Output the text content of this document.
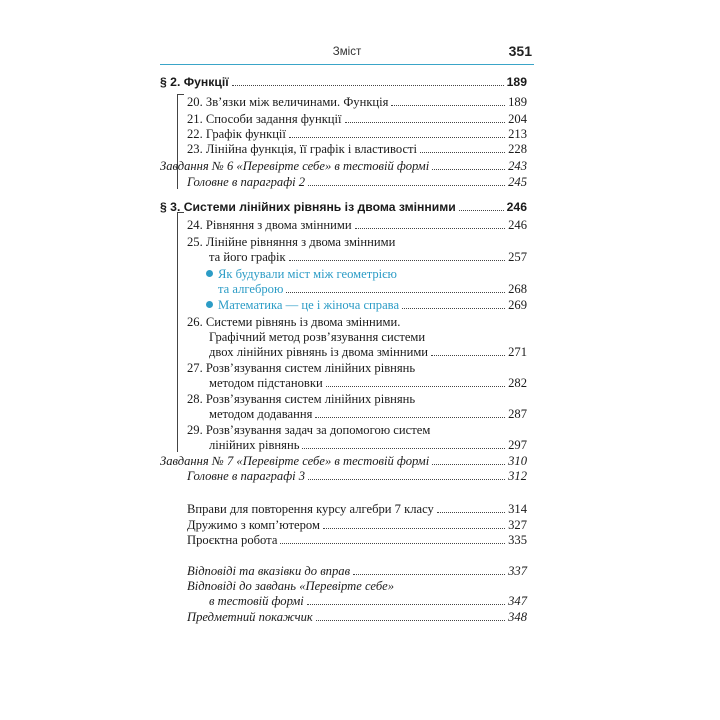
Зміст	351
§ 2. Функції	189
20. Зв’язки між величинами. Функція	189
21. Способи задання функції	204
22. Графік функції	213
23. Лінійна функція, її графік і властивості	228
Завдання № 6 «Перевірте себе» в тестовій формі	243
Головне в параграфі 2	245
§ 3. Системи лінійних рівнянь із двома змінними	246
24. Рівняння з двома змінними	246
25. Лінійне рівняння з двома змінними
та його графік	257
Як будували міст між геометрією
та алгеброю	268
Математика — це і жіноча справа	269
26. Системи рівнянь із двома змінними.
Графічний метод розв’язування системи
двох лінійних рівнянь із двома змінними	271
27. Розв’язування систем лінійних рівнянь
методом підстановки	282
28. Розв’язування систем лінійних рівнянь
методом додавання	287
29. Розв’язування задач за допомогою систем
лінійних рівнянь	297
Завдання № 7 «Перевірте себе» в тестовій формі	310
Головне в параграфі 3	312
Вправи для повторення курсу алгебри 7 класу	314
Дружимо з комп’ютером	327
Проєктна робота	335
Відповіді та вказівки до вправ	337
Відповіді до завдань «Перевірте себе»
в тестовій формі	347
Предметний покажчик	348
